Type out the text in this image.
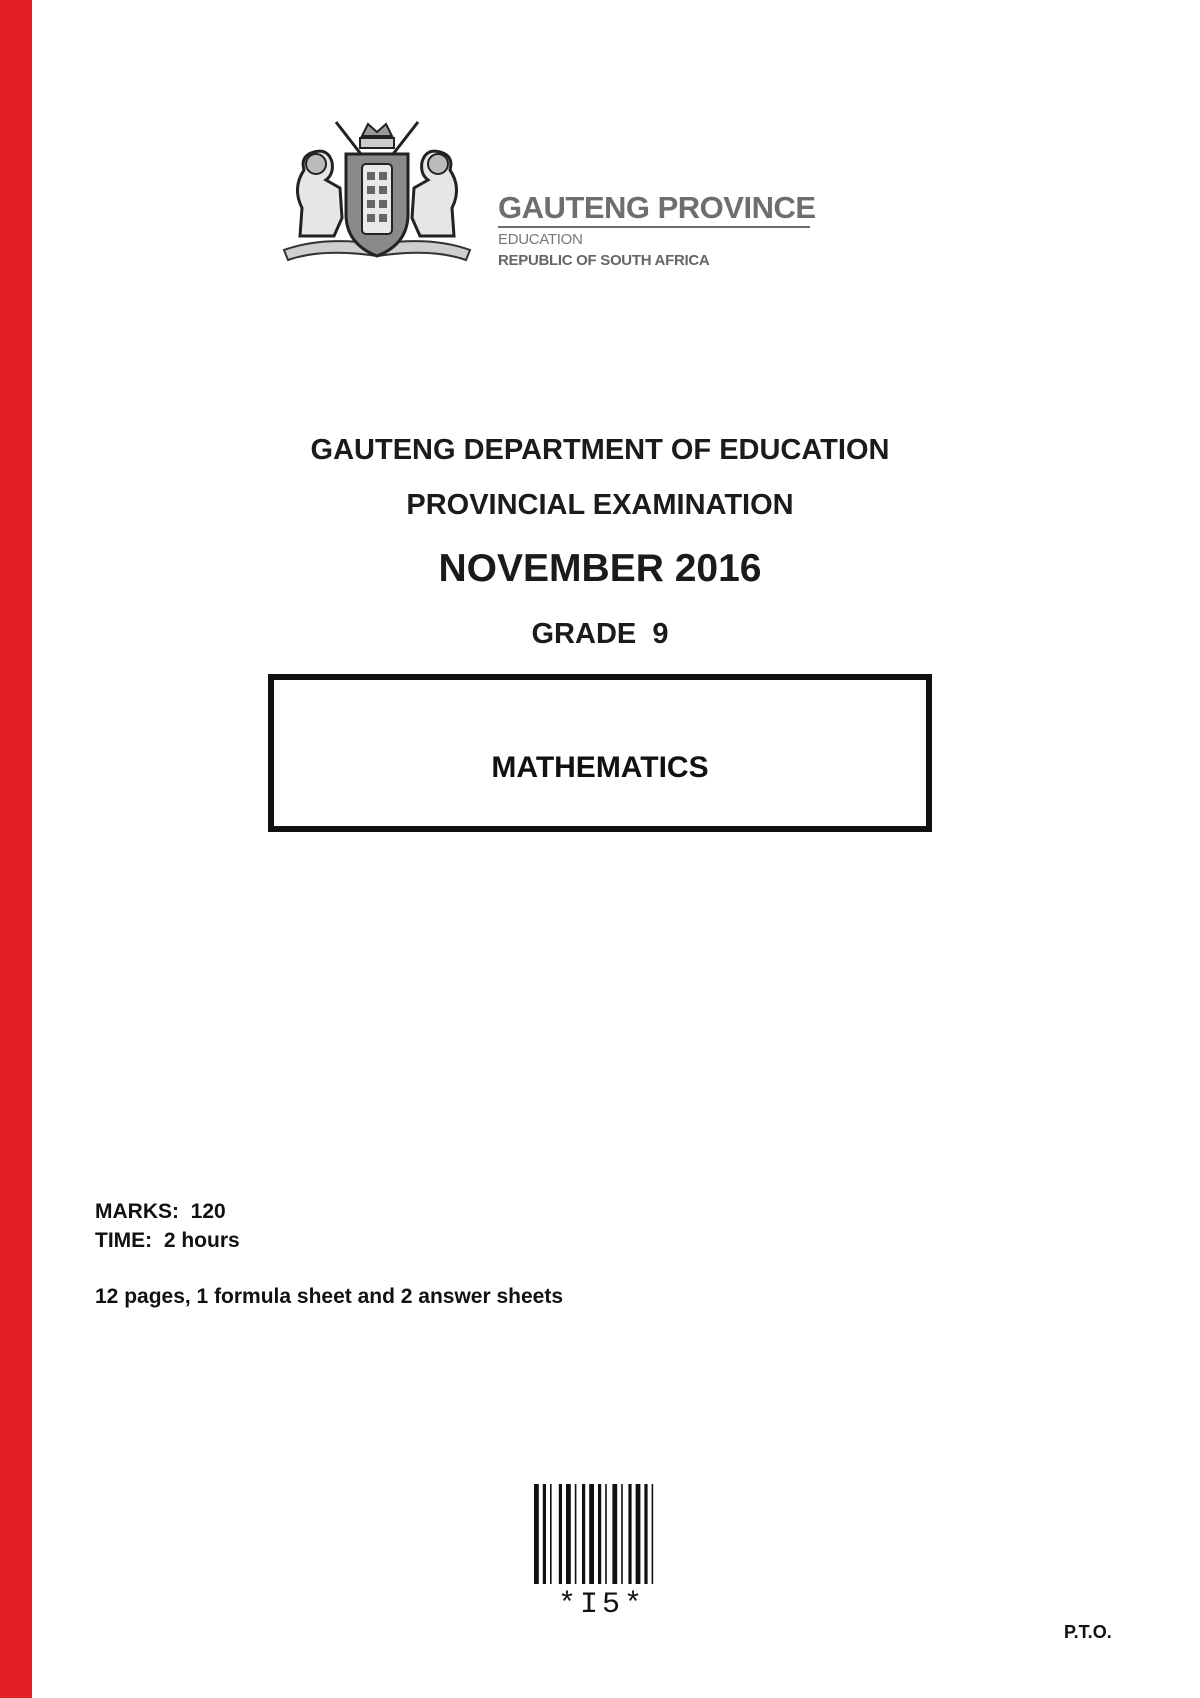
GAUTENG PROVINCE
EDUCATION
REPUBLIC OF SOUTH AFRICA
GAUTENG DEPARTMENT OF EDUCATION
PROVINCIAL EXAMINATION
NOVEMBER 2016
GRADE  9
MATHEMATICS
MARKS:  120
TIME:  2 hours
12 pages, 1 formula sheet and 2 answer sheets
*I5*
P.T.O.
